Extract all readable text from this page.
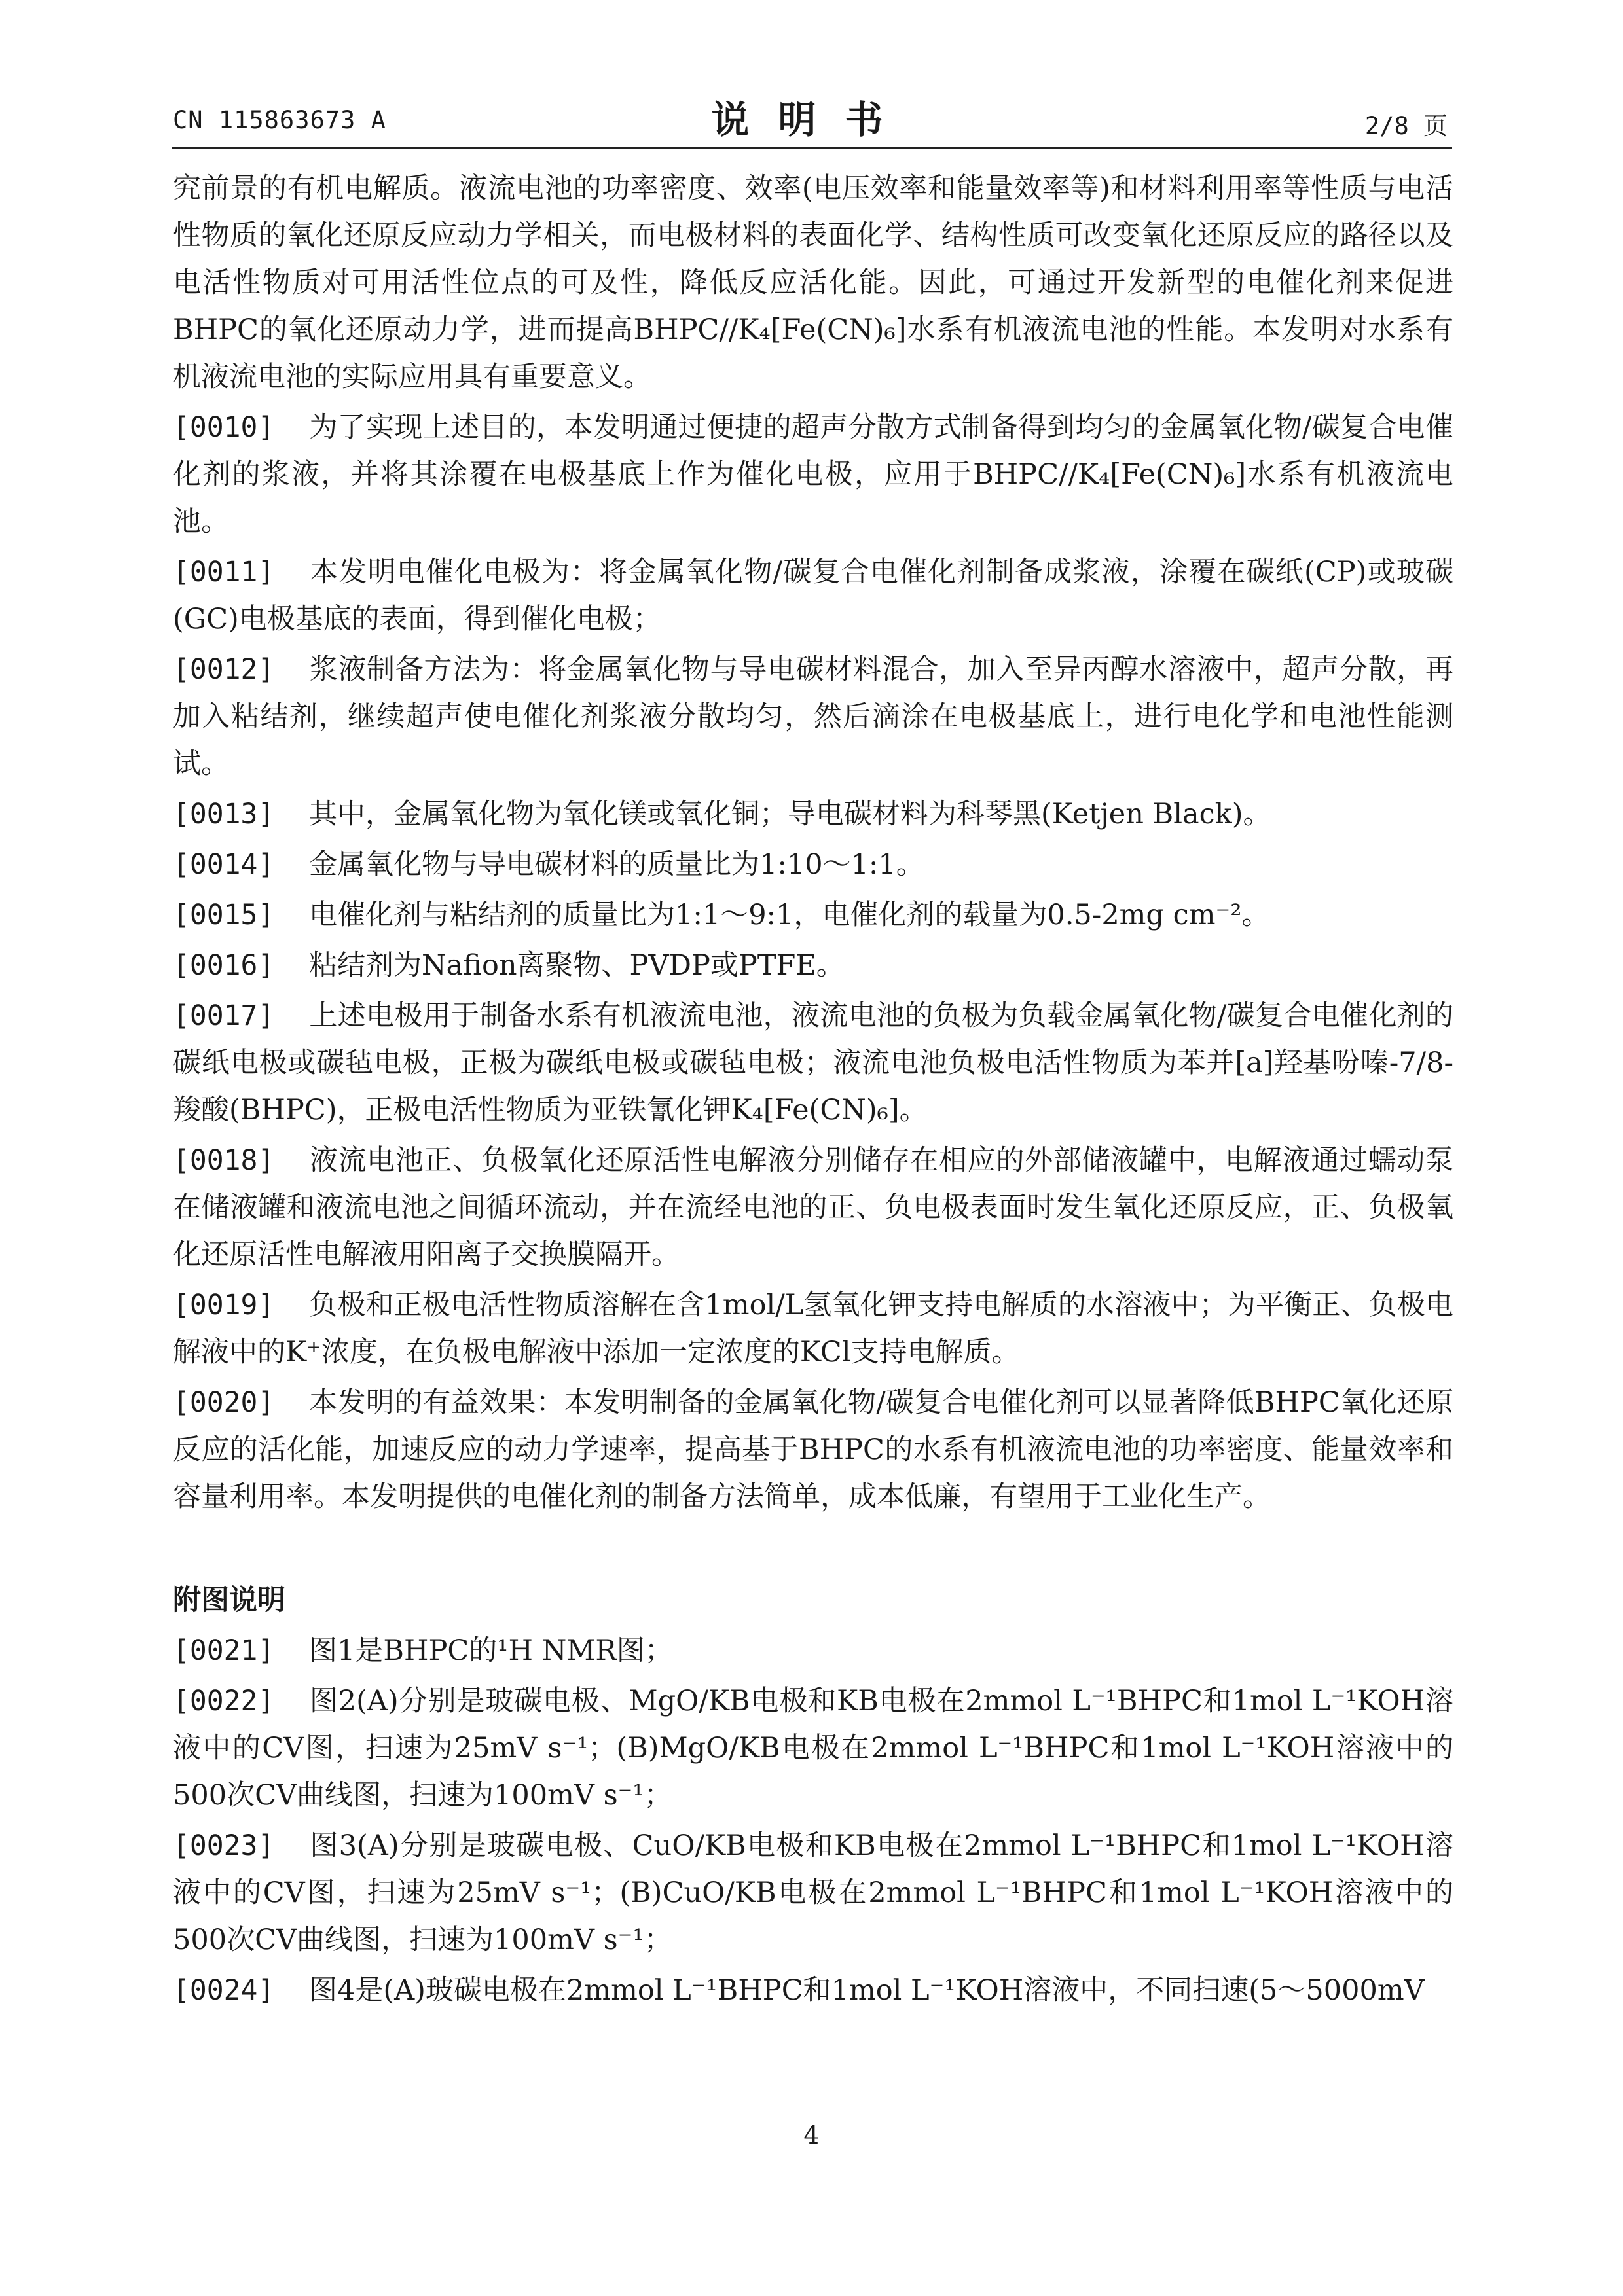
CN 115863673 A	说明书	2/8 页

究前景的有机电解质。液流电池的功率密度、效率(电压效率和能量效率等)和材料利用率等性质与电活性物质的氧化还原反应动力学相关，而电极材料的表面化学、结构性质可改变氧化还原反应的路径以及电活性物质对可用活性位点的可及性，降低反应活化能。因此，可通过开发新型的电催化剂来促进BHPC的氧化还原动力学，进而提高BHPC//K₄[Fe(CN)₆]水系有机液流电池的性能。本发明对水系有机液流电池的实际应用具有重要意义。

[0010] 为了实现上述目的，本发明通过便捷的超声分散方式制备得到均匀的金属氧化物/碳复合电催化剂的浆液，并将其涂覆在电极基底上作为催化电极，应用于BHPC//K₄[Fe(CN)₆]水系有机液流电池。

[0011] 本发明电催化电极为：将金属氧化物/碳复合电催化剂制备成浆液，涂覆在碳纸(CP)或玻碳(GC)电极基底的表面，得到催化电极；

[0012] 浆液制备方法为：将金属氧化物与导电碳材料混合，加入至异丙醇水溶液中，超声分散，再加入粘结剂，继续超声使电催化剂浆液分散均匀，然后滴涂在电极基底上，进行电化学和电池性能测试。

[0013] 其中，金属氧化物为氧化镁或氧化铜；导电碳材料为科琴黑(Ketjen Black)。

[0014] 金属氧化物与导电碳材料的质量比为1:10～1:1。

[0015] 电催化剂与粘结剂的质量比为1:1～9:1，电催化剂的载量为0.5-2mg cm⁻²。

[0016] 粘结剂为Nafion离聚物、PVDP或PTFE。

[0017] 上述电极用于制备水系有机液流电池，液流电池的负极为负载金属氧化物/碳复合电催化剂的碳纸电极或碳毡电极，正极为碳纸电极或碳毡电极；液流电池负极电活性物质为苯并[a]羟基吩嗪-7/8-羧酸(BHPC)，正极电活性物质为亚铁氰化钾K₄[Fe(CN)₆]。

[0018] 液流电池正、负极氧化还原活性电解液分别储存在相应的外部储液罐中，电解液通过蠕动泵在储液罐和液流电池之间循环流动，并在流经电池的正、负电极表面时发生氧化还原反应，正、负极氧化还原活性电解液用阳离子交换膜隔开。

[0019] 负极和正极电活性物质溶解在含1mol/L氢氧化钾支持电解质的水溶液中；为平衡正、负极电解液中的K⁺浓度，在负极电解液中添加一定浓度的KCl支持电解质。

[0020] 本发明的有益效果：本发明制备的金属氧化物/碳复合电催化剂可以显著降低BHPC氧化还原反应的活化能，加速反应的动力学速率，提高基于BHPC的水系有机液流电池的功率密度、能量效率和容量利用率。本发明提供的电催化剂的制备方法简单，成本低廉，有望用于工业化生产。

附图说明

[0021] 图1是BHPC的¹H NMR图；

[0022] 图2(A)分别是玻碳电极、MgO/KB电极和KB电极在2mmol L⁻¹BHPC和1mol L⁻¹KOH溶液中的CV图，扫速为25mV s⁻¹；(B)MgO/KB电极在2mmol L⁻¹BHPC和1mol L⁻¹KOH溶液中的500次CV曲线图，扫速为100mV s⁻¹；

[0023] 图3(A)分别是玻碳电极、CuO/KB电极和KB电极在2mmol L⁻¹BHPC和1mol L⁻¹KOH溶液中的CV图，扫速为25mV s⁻¹；(B)CuO/KB电极在2mmol L⁻¹BHPC和1mol L⁻¹KOH溶液中的500次CV曲线图，扫速为100mV s⁻¹；

[0024] 图4是(A)玻碳电极在2mmol L⁻¹BHPC和1mol L⁻¹KOH溶液中，不同扫速(5～5000mV

4
